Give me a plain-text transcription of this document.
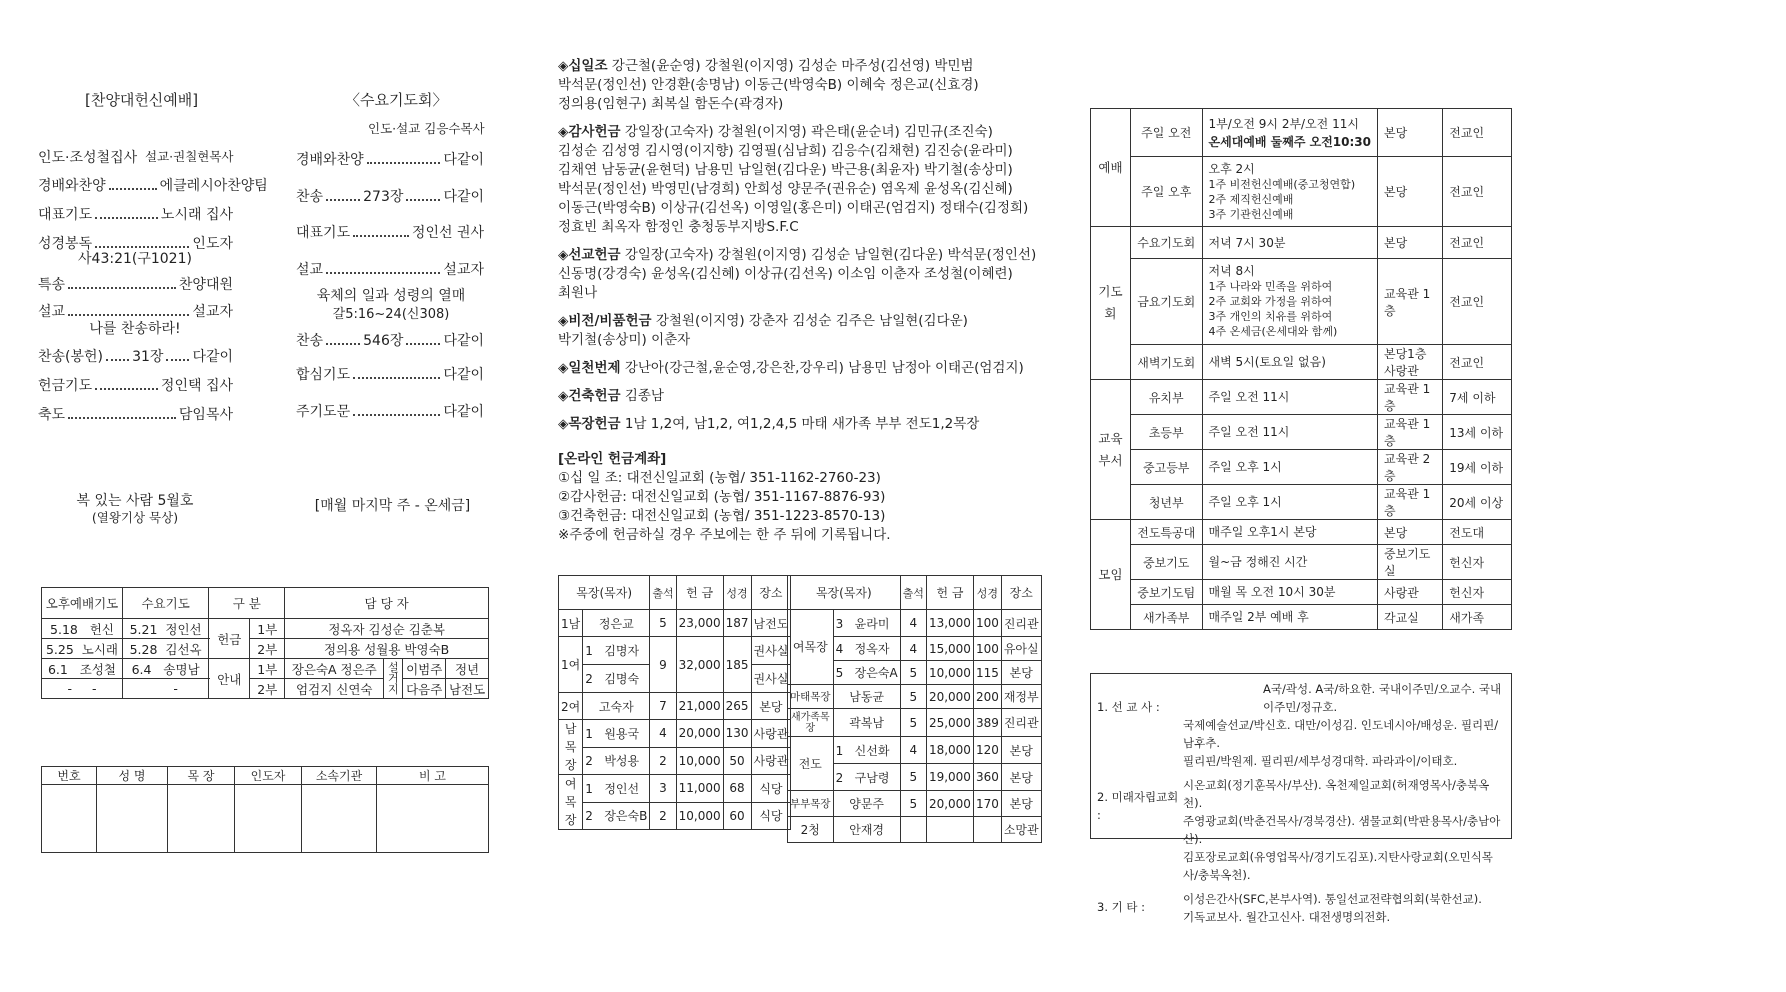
[찬양대헌신예배]
인도·조성철집사 설교·권칠현목사
경배와찬양	에클레시아찬양팀
대표기도	노시래 집사
성경봉독	인도자
사43:21(구1021)
특송	찬양대원
설교	설교자
나를 찬송하라!
찬송(봉헌) 31장 다같이
헌금기도	정인택 집사
축도	담임목사
〈수요기도회〉
인도·설교 김응수목사
경배와찬양	다같이
찬송	273장	다같이
대표기도	정인선 권사
설교	설교자
육체의 일과 성령의 열매
갈5:16~24(신308)
찬송	546장	다같이
합심기도	다같이
주기도문	다같이
복 있는 사람 5월호
(열왕기상 묵상)
[매월 마지막 주 - 온세금]
오후예배기도	수요기도	구 분		담 당 자			
5.18 헌신	5.21 정인선	헌금	1부	정옥자 김성순 김춘복			
5.25 노시래	5.28 김선옥		2부	정의용 성월용 박영숙B			
6.1 조성철	6.4 송명남	안내	1부	장은숙A 정은주	설거지	이범주	정년
- -	-		2부	엄검지 신연숙		다음주	남전도
번호	성 명	목 장	인도자	소속기관	비 고

◈십일조 강근철(윤순영) 강철원(이지영) 김성순 마주성(김선영) 박민범
박석문(정인선) 안경환(송명남) 이동근(박영숙B) 이혜숙 정은교(신효경)
정의용(임현구) 최복실 함돈수(곽경자)
◈감사헌금 강일장(고숙자) 강철원(이지영) 곽은태(윤순녀) 김민규(조진숙)
김성순 김성영 김시영(이지향) 김영필(심남희) 김응수(김채현) 김진승(윤라미)
김채연 남동균(윤현덕) 남용민 남일현(김다운) 박근용(최윤자) 박기철(송상미)
박석문(정인선) 박영민(남경희) 안희성 양문주(권유순) 염옥제 윤성옥(김신혜)
이동근(박영숙B) 이상규(김선옥) 이영일(홍은미) 이태곤(엄검지) 정태수(김정희)
정효빈 최옥자 함정인 충청동부지방S.F.C
◈선교헌금 강일장(고숙자) 강철원(이지영) 김성순 남일현(김다운) 박석문(정인선)
신동명(강경숙) 윤성옥(김신혜) 이상규(김선옥) 이소임 이춘자 조성철(이혜련)
최원나
◈비전/비품헌금 강철원(이지영) 강춘자 김성순 김주은 남일현(김다운)
박기철(송상미) 이춘자
◈일천번제 강난아(강근철,윤순영,강은찬,강우리) 남용민 남정아 이태곤(엄검지)
◈건축헌금 김종남
◈목장헌금 1남 1,2여, 남1,2, 여1,2,4,5 마태 새가족 부부 전도1,2목장
[온라인 헌금계좌]
①십 일 조: 대전신일교회 (농협/ 351-1162-2760-23)
②감사헌금: 대전신일교회 (농협/ 351-1167-8876-93)
③건축헌금: 대전신일교회 (농협/ 351-1223-8570-13)
※주중에 헌금하실 경우 주보에는 한 주 뒤에 기록됩니다.
목장(목자)		출석	헌 금	성경	장소
1남	정은교	5	23,000	187	남전도
1여	1 김명자	9	32,000	185	권사실
	2 김명숙				권사실
2여	고숙자	7	21,000	265	본당
남목장	1 원용국	4	20,000	130	사랑관
	2 박성용	2	10,000	50	사랑관
여목장	1 정인선	3	11,000	68	식당
	2 장은숙B	2	10,000	60	식당
목장(목자)		출석	헌 금	성경	장소
여목장	3 윤라미	4	13,000	100	진리관
	4 정옥자	4	15,000	100	유아실
	5 장은숙A	5	10,000	115	본당
마태목장	남동균	5	20,000	200	재정부
새가족목장	곽복남	5	25,000	389	진리관
전도	1 신선화	4	18,000	120	본당
	2 구남령	5	19,000	360	본당
부부목장	양문주	5	20,000	170	본당
2청	안재경				소망관
예배	주일 오전	1부/오전 9시 2부/오전 11시
온세대예배 둘째주 오전10:30	본당	전교인
	주일 오후	오후 2시
1주 비전헌신예배(중고청연합)
2주 제직헌신예배
3주 기관헌신예배	본당	전교인
기도회	수요기도회	저녁 7시 30분	본당	전교인
	금요기도회	저녁 8시
1주 나라와 민족을 위하여
2주 교회와 가정을 위하여
3주 개인의 치유를 위하여
4주 온세금(온세대와 함께)	교육관 1층	전교인
	새벽기도회	새벽 5시(토요일 없음)	본당1층 사랑관	전교인
교육부서	유치부	주일 오전 11시	교육관 1층	7세 이하
	초등부	주일 오전 11시	교육관 1층	13세 이하
	중고등부	주일 오후 1시	교육관 2층	19세 이하
	청년부	주일 오후 1시	교육관 1층	20세 이상
모임	전도특공대	매주일 오후1시 본당	본당	전도대
	중보기도	월~금 정해진 시간	중보기도실	헌신자
	중보기도팀	매월 목 오전 10시 30분	사랑관	헌신자
	새가족부	매주일 2부 예배 후	각교실	새가족
1. 선 교 사 :	A국/곽성. A국/하요한. 국내이주민/오교수. 국내이주민/정규호.
국제예술선교/박신호. 대만/이성김. 인도네시아/배성운. 필리핀/남후추.
필리핀/박원제. 필리핀/세부성경대학. 파라과이/이태호.

2. 미래자립교회 :	시온교회(정기훈목사/부산). 옥천제일교회(허재영목사/충북옥천).
주영광교회(박춘건목사/경북경산). 샘물교회(박판용목사/충남아산).
김포장로교회(유영업목사/경기도김포).지탄사랑교회(오민식목사/충북옥천).

3. 기 타 :	이성은간사(SFC,본부사역). 통일선교전략협의회(북한선교).
기독교보사. 월간고신사. 대전생명의전화.
